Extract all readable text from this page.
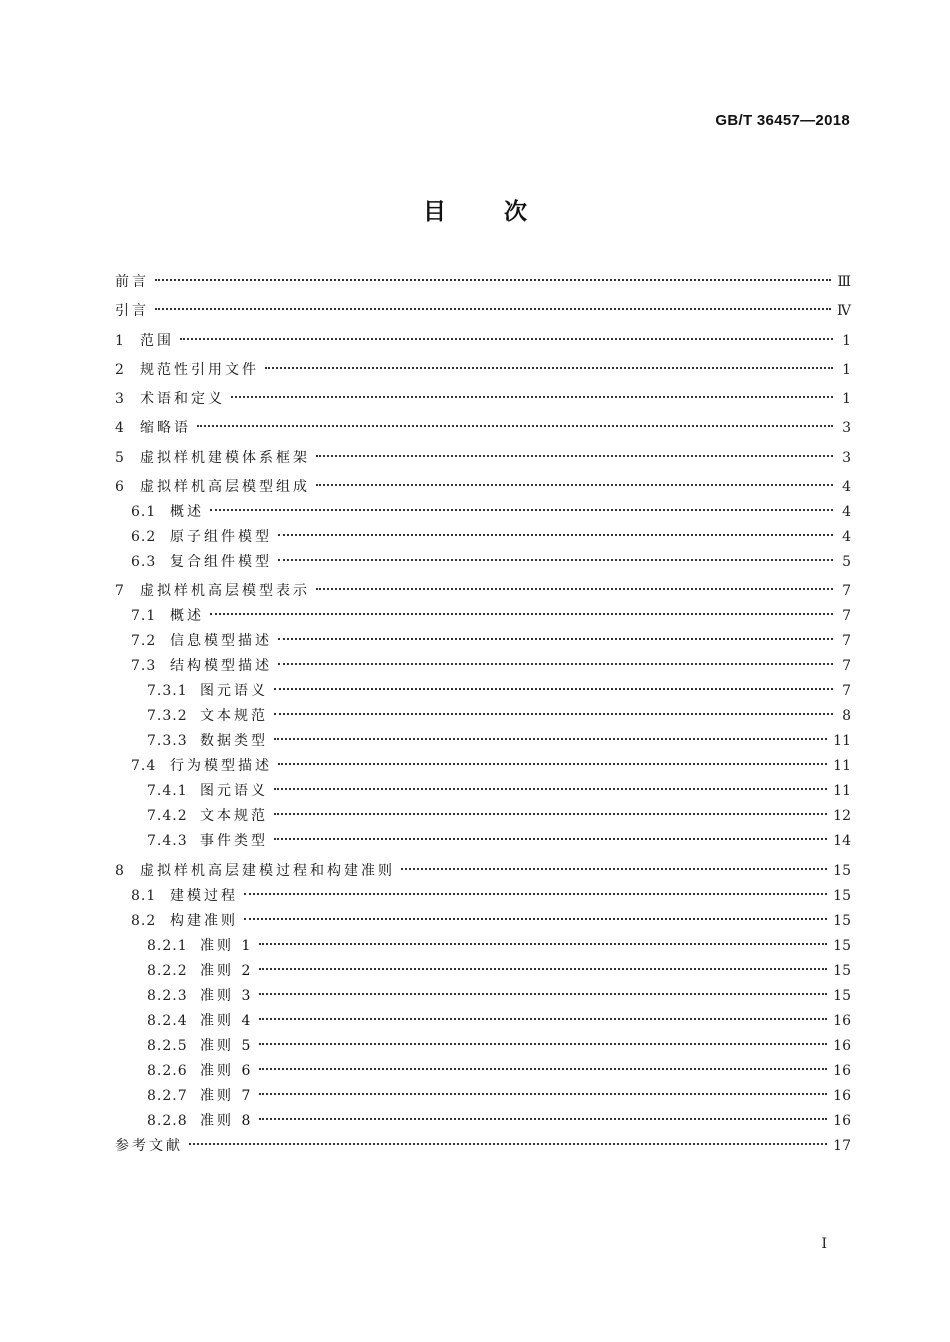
GB/T 36457—2018
目次
前言	Ⅲ
引言	Ⅳ
1	范围	1
2	规范性引用文件	1
3	术语和定义	1
4	缩略语	3
5	虚拟样机建模体系框架	3
6	虚拟样机高层模型组成	4
6.1 概述	4
6.2 原子组件模型	4
6.3 复合组件模型	5
7	虚拟样机高层模型表示	7
7.1 概述	7
7.2 信息模型描述	7
7.3 结构模型描述	7
7.3.1 图元语义	7
7.3.2 文本规范	8
7.3.3 数据类型	11
7.4 行为模型描述	11
7.4.1 图元语义	11
7.4.2 文本规范	12
7.4.3 事件类型	14
8	虚拟样机高层建模过程和构建准则	15
8.1 建模过程	15
8.2 构建准则	15
8.2.1 准则 1	15
8.2.2 准则 2	15
8.2.3 准则 3	15
8.2.4 准则 4	16
8.2.5 准则 5	16
8.2.6 准则 6	16
8.2.7 准则 7	16
8.2.8 准则 8	16
参考文献	17
I
